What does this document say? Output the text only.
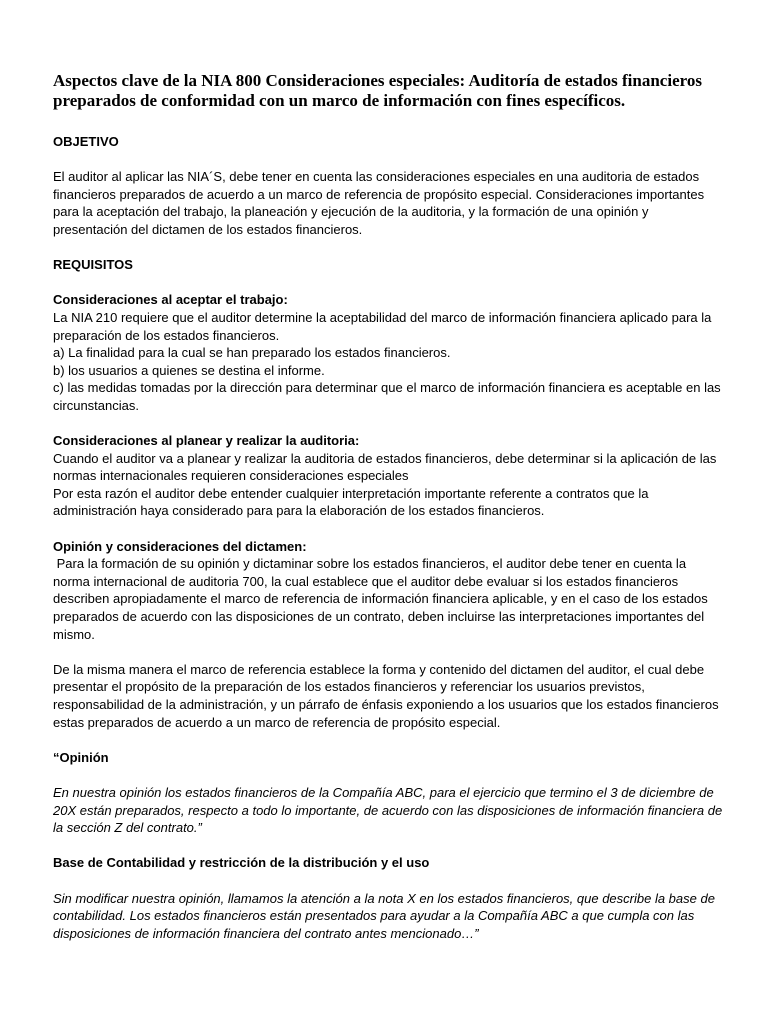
Aspectos clave de la NIA 800 Consideraciones especiales: Auditoría de estados financieros preparados de conformidad con un marco de información con fines específicos.
OBJETIVO

El auditor al aplicar las NIA´S, debe tener en cuenta las consideraciones especiales en una auditoria de estados financieros preparados de acuerdo a un marco de referencia de propósito especial. Consideraciones importantes para la aceptación del trabajo, la planeación y ejecución de la auditoria, y la formación de una opinión y presentación del dictamen de los estados financieros.

REQUISITOS

Consideraciones al aceptar el trabajo:
La NIA 210 requiere que el auditor determine la aceptabilidad del marco de información financiera aplicado para la preparación de los estados financieros.
a) La finalidad para la cual se han preparado los estados financieros.
b) los usuarios a quienes se destina el informe.
c) las medidas tomadas por la dirección para determinar que el marco de información financiera es aceptable en las circunstancias.

Consideraciones al planear y realizar la auditoria:
Cuando el auditor va a planear y realizar la auditoria de estados financieros, debe determinar si la aplicación de las normas internacionales requieren consideraciones especiales
Por esta razón el auditor debe entender cualquier interpretación importante referente a contratos que la administración haya considerado para para la elaboración de los estados financieros.

Opinión y consideraciones del dictamen:
Para la formación de su opinión y dictaminar sobre los estados financieros, el auditor debe tener en cuenta la norma internacional de auditoria 700, la cual establece que el auditor debe evaluar si los estados financieros describen apropiadamente el marco de referencia de información financiera aplicable, y en el caso de los estados preparados de acuerdo con las disposiciones de un contrato, deben incluirse las interpretaciones importantes del mismo.

De la misma manera el marco de referencia establece la forma y contenido del dictamen del auditor, el cual debe presentar el propósito de la preparación de los estados financieros y referenciar los usuarios previstos, responsabilidad de la administración, y un párrafo de énfasis exponiendo a los usuarios que los estados financieros estas preparados de acuerdo a un marco de referencia de propósito especial.

“Opinión

En nuestra opinión los estados financieros de la Compañía ABC, para el ejercicio que termino el 3 de diciembre de 20X están preparados, respecto a todo lo importante, de acuerdo con las disposiciones de información financiera de la sección Z del contrato.”

Base de Contabilidad y restricción de la distribución y el uso

Sin modificar nuestra opinión, llamamos la atención a la nota X en los estados financieros, que describe la base de contabilidad. Los estados financieros están presentados para ayudar a la Compañía ABC a que cumpla con las disposiciones de información financiera del contrato antes mencionado…”
